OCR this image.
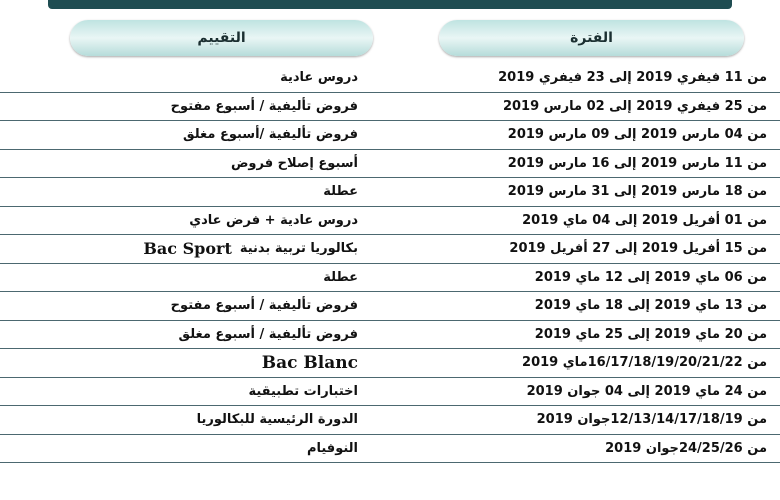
التقييم	الفترة
من 11 فيفري 2019 إلى 23 فيفري 2019
دروس عادية
من 25 فيفري 2019 إلى 02 مارس 2019
فروض تأليفية / أسبوع مفتوح
من 04 مارس 2019 إلى 09 مارس 2019
فروض تأليفية /أسبوع مغلق
من 11 مارس 2019 إلى 16 مارس 2019
أسبوع إصلاح فروض
من 18 مارس 2019 إلى 31 مارس 2019
عطلة
من 01 أفريل 2019 إلى 04 ماي 2019
دروس عادية + فرض عادي
من 15 أفريل 2019 إلى 27 أفريل 2019
بكالوريا تربية بدنية
Bac Sport
من 06 ماي 2019 إلى 12 ماي 2019
عطلة
من 13 ماي 2019 إلى 18 ماي 2019
فروض تأليفية / أسبوع مفتوح
من 20 ماي 2019 إلى 25 ماي 2019
فروض تأليفية / أسبوع مغلق
من 16/17/18/19/20/21/22ماي 2019
Bac Blanc
من 24 ماي 2019 إلى 04 جوان 2019
اختبارات تطبيقية
من 12/13/14/17/18/19جوان 2019
الدورة الرئيسية للبكالوريا
من 24/25/26جوان 2019
النوفيام
